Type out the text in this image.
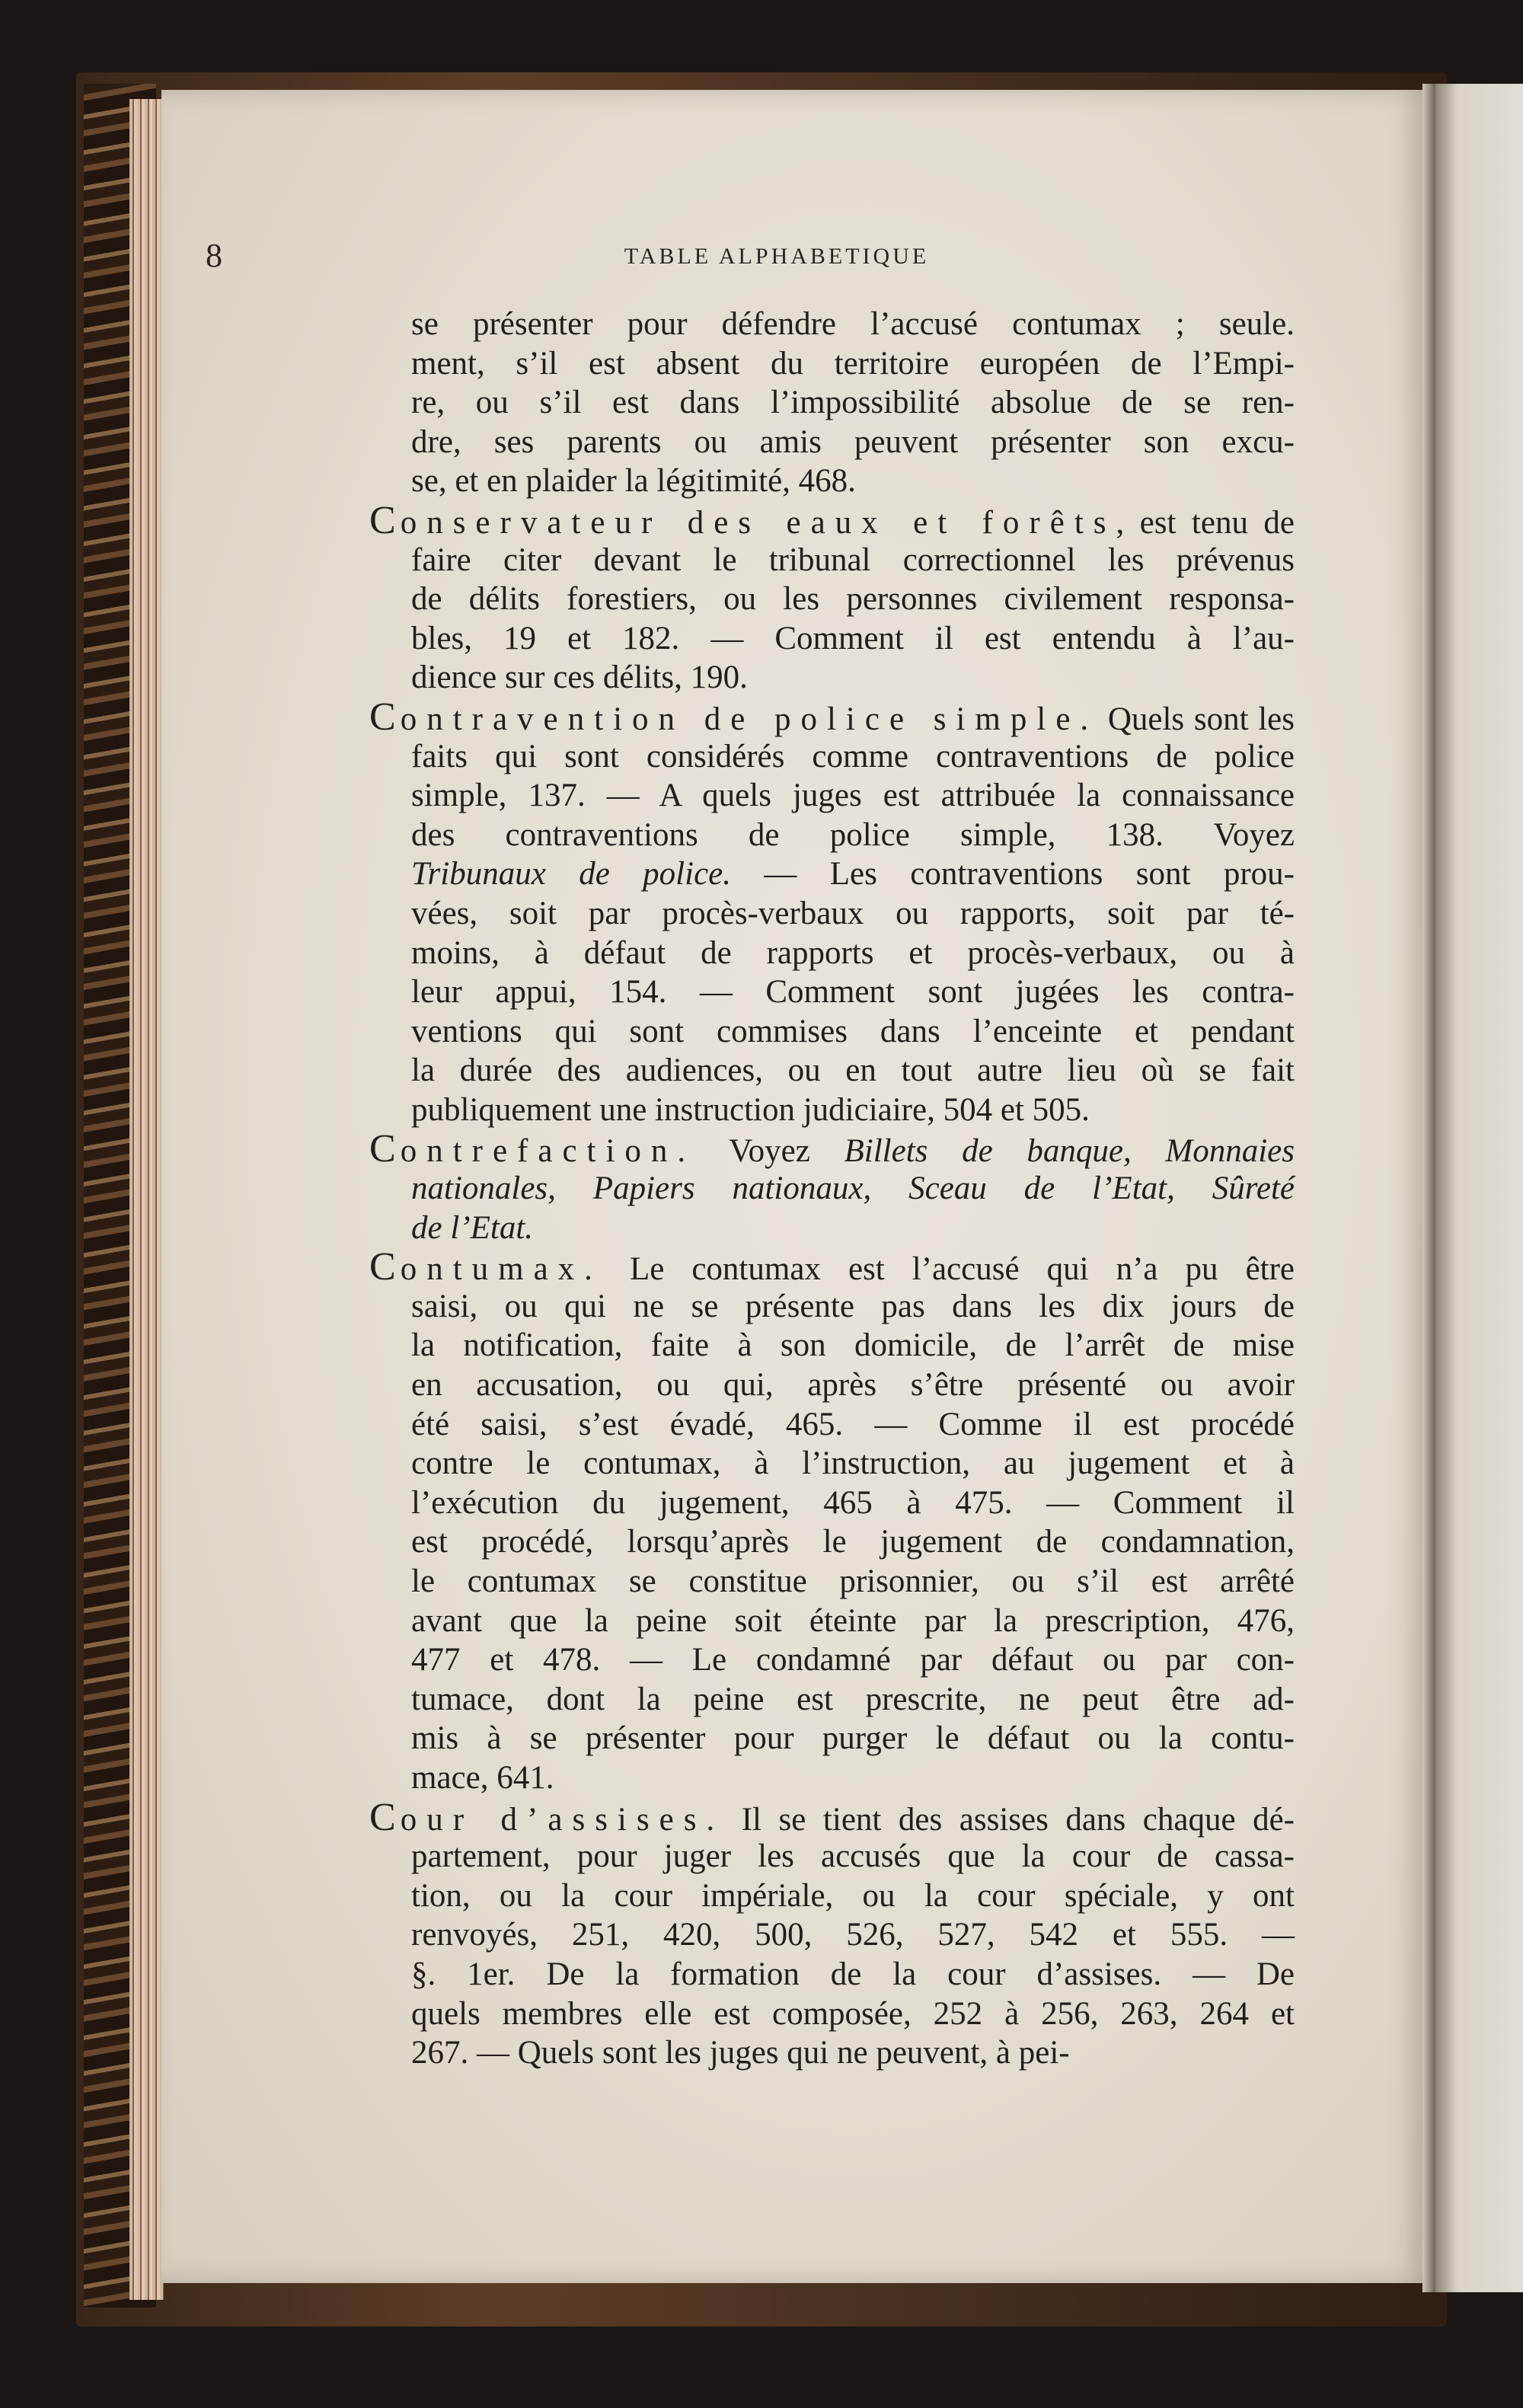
8	TABLE ALPHABETIQUE
se présenter pour défendre l’accusé contumax ; seule.
ment, s’il est absent du territoire européen de l’Empi-
re, ou s’il est dans l’impossibilité absolue de se ren-
dre, ses parents ou amis peuvent présenter son excu-
se, et en plaider la légitimité, 468.
Conservateur des eaux et forêts, est tenu de
faire citer devant le tribunal correctionnel les prévenus
de délits forestiers, ou les personnes civilement responsa-
bles, 19 et 182. — Comment il est entendu à l’au-
dience sur ces délits, 190.
Contravention de police simple. Quels sont les
faits qui sont considérés comme contraventions de police
simple, 137. — A quels juges est attribuée la connaissance
des contraventions de police simple, 138. Voyez
Tribunaux de police. — Les contraventions sont prou-
vées, soit par procès-verbaux ou rapports, soit par té-
moins, à défaut de rapports et procès-verbaux, ou à
leur appui, 154. — Comment sont jugées les contra-
ventions qui sont commises dans l’enceinte et pendant
la durée des audiences, ou en tout autre lieu où se fait
publiquement une instruction judiciaire, 504 et 505.
Contrefaction. Voyez Billets de banque, Monnaies
nationales, Papiers nationaux, Sceau de l’Etat, Sûreté
de l’Etat.
Contumax. Le contumax est l’accusé qui n’a pu être
saisi, ou qui ne se présente pas dans les dix jours de
la notification, faite à son domicile, de l’arrêt de mise
en accusation, ou qui, après s’être présenté ou avoir
été saisi, s’est évadé, 465. — Comme il est procédé
contre le contumax, à l’instruction, au jugement et à
l’exécution du jugement, 465 à 475. — Comment il
est procédé, lorsqu’après le jugement de condamnation,
le contumax se constitue prisonnier, ou s’il est arrêté
avant que la peine soit éteinte par la prescription, 476,
477 et 478. — Le condamné par défaut ou par con-
tumace, dont la peine est prescrite, ne peut être ad-
mis à se présenter pour purger le défaut ou la contu-
mace, 641.
Cour d’assises. Il se tient des assises dans chaque dé-
partement, pour juger les accusés que la cour de cassa-
tion, ou la cour impériale, ou la cour spéciale, y ont
renvoyés, 251, 420, 500, 526, 527, 542 et 555. —
§. 1er. De la formation de la cour d’assises. — De
quels membres elle est composée, 252 à 256, 263, 264 et
267. — Quels sont les juges qui ne peuvent, à pei-
